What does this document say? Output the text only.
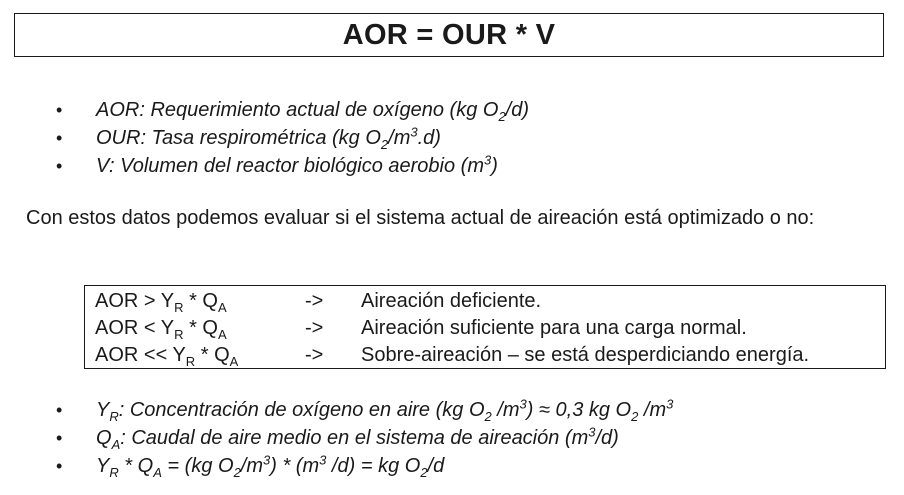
AOR = OUR * V
• AOR: Requerimiento actual de oxígeno (kg $O_2/d$)
• OUR: Tasa respirométrica (kg $O_2/m^3.d$)
• V: Volumen del reactor biológico aerobio $(m^3)$

Con estos datos podemos evaluar si el sistema actual de aireación está optimizado o no:

AOR > $Y_R * Q_A$	-> Aireación deficiente.
AOR < $Y_R * Q_A$	-> Aireación suficiente para una carga normal.
AOR << $Y_R * Q_A$	-> Sobre-aireación – se está desperdiciando energía.
• $Y_R$: Concentración de oxígeno en aire (kg $O_2$ $/m^3) \approx 0,3$ kg $O_2$ $/m^3$
• $Q_A$: Caudal de aire medio en el sistema de aireación $(m^3/d)$
• $Y_R * Q_A = (kg$ $O_2/m^3) * (m^3$ /d) = kg $O_2/d$
